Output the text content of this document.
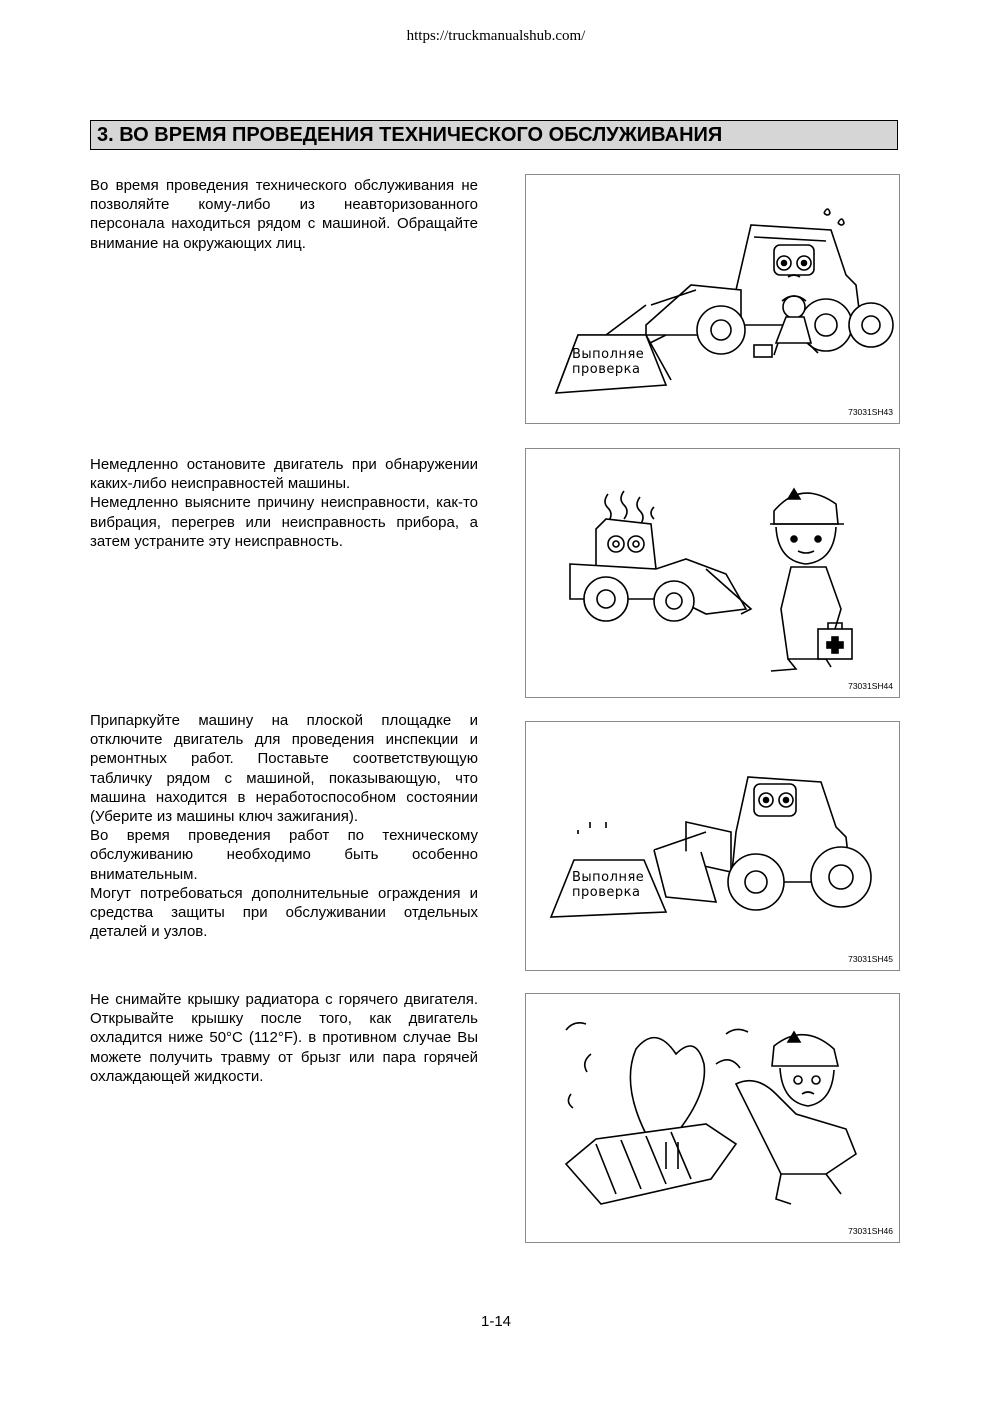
https://truckmanualshub.com/
3. ВО ВРЕМЯ ПРОВЕДЕНИЯ ТЕХНИЧЕСКОГО ОБСЛУЖИВАНИЯ

Во время проведения технического обслуживания не позволяйте кому-либо из неавторизованного персонала находиться рядом с машиной. Обращайте внимание на окружающих лиц.

Немедленно остановите двигатель при обнаружении каких-либо неисправностей машины.

Немедленно выясните причину неисправности, как-то вибрация, перегрев или неисправность прибора, а затем устраните эту неисправность.

Припаркуйте машину на плоской площадке и отключите двигатель для проведения инспекции и ремонтных работ. Поставьте соответствующую табличку рядом с машиной, показывающую, что машина находится в неработоспособном состоянии (Уберите из машины ключ зажигания).

Во время проведения работ по техническому обслуживанию необходимо быть особенно внимательным.

Могут потребоваться дополнительные ограждения и средства защиты при обслуживании отдельных деталей и узлов.

Не снимайте крышку радиатора с горячего двигателя. Открывайте крышку после того, как двигатель охладится ниже 50°C (112°F). в противном случае Вы можете получить травму от брызг или пара горячей охлаждающей жидкости.

Выполняе
проверка
73031SH43
73031SH44
Выполняе
проверка
73031SH45
73031SH46
1-14
